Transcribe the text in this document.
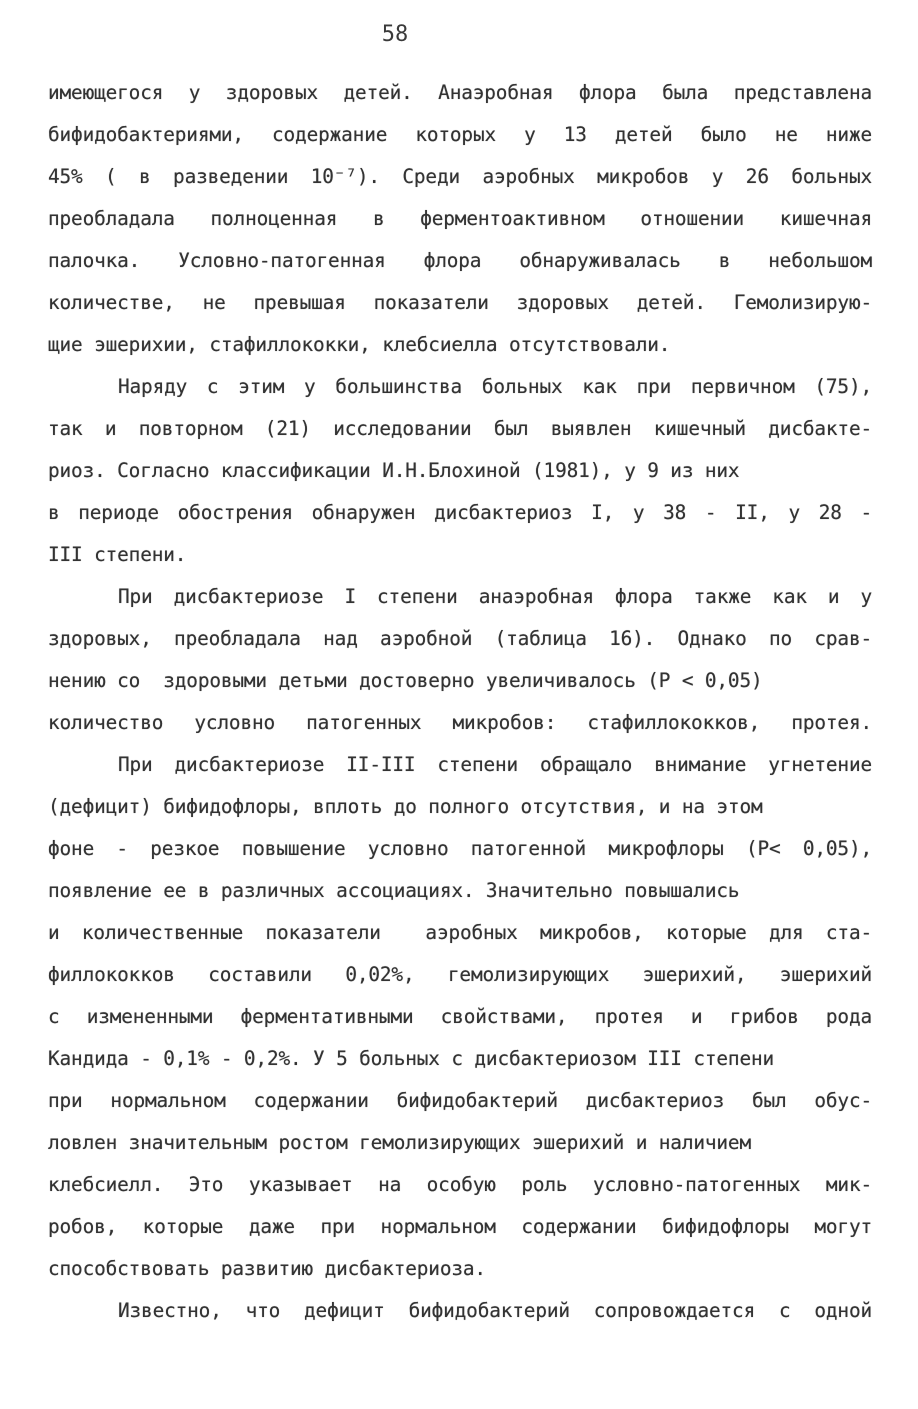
58
имеющегося у здоровых детей. Анаэробная флора была представлена
бифидобактериями, содержание которых у 13 детей было не ниже
45% ( в разведении 10⁻⁷). Среди аэробных микробов у 26 больных
преобладала полноценная в ферментоактивном отношении кишечная
палочка. Условно-патогенная флора обнаруживалась в небольшом
количестве, не превышая показатели здоровых детей. Гемолизирую-
щие эшерихии, стафиллококки, клебсиелла отсутствовали.
Наряду с этим у большинства больных как при первичном (75),
так и повторном (21) исследовании был выявлен кишечный дисбакте-
риоз. Согласно классификации И.Н.Блохиной (1981), у 9 из них
в периоде обострения обнаружен дисбактериоз I, у 38 - II, у 28 -
III степени.
При дисбактериозе I степени анаэробная флора также как и у
здоровых, преобладала над аэробной (таблица 16). Однако по срав-
нению со  здоровыми детьми достоверно увеличивалось (P < 0,05)
количество условно патогенных микробов: стафиллококков, протея.
При дисбактериозе II-III степени обращало внимание угнетение
(дефицит) бифидофлоры, вплоть до полного отсутствия, и на этом
фоне - резкое повышение условно патогенной микрофлоры (P< 0,05),
появление ее в различных ассоциациях. Значительно повышались
и количественные показатели  аэробных микробов, которые для ста-
филлококков составили 0,02%, гемолизирующих эшерихий, эшерихий
с измененными ферментативными свойствами, протея и грибов рода
Кандида - 0,1% - 0,2%. У 5 больных с дисбактериозом III степени
при нормальном содержании бифидобактерий дисбактериоз был обус-
ловлен значительным ростом гемолизирующих эшерихий и наличием
клебсиелл. Это указывает на особую роль условно-патогенных мик-
робов, которые даже при нормальном содержании бифидофлоры могут
способствовать развитию дисбактериоза.
Известно, что дефицит бифидобактерий сопровождается с одной
